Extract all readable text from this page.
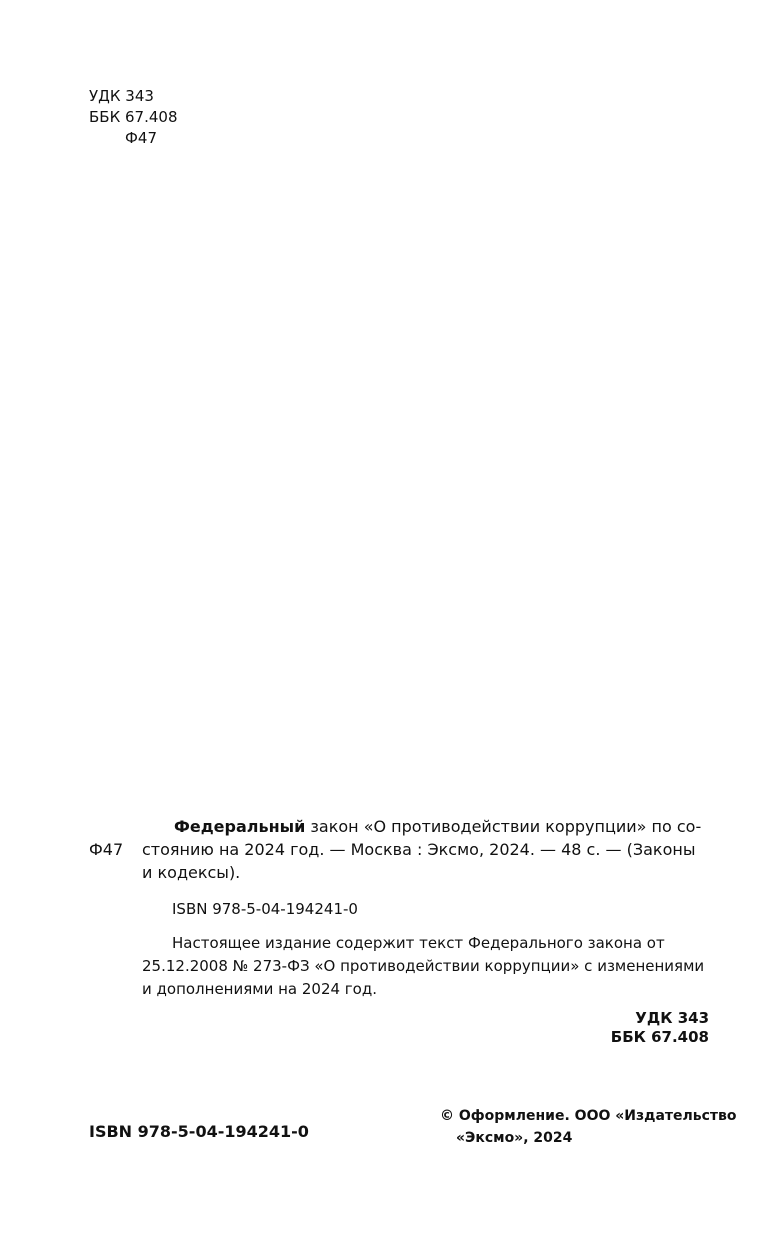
УДК 343
ББК 67.408
Ф47
Ф47
Федеральный закон «О противодействии коррупции» по со-
стоянию на 2024 год. — Москва : Эксмо, 2024. — 48 с. — (Законы
и кодексы).
ISBN 978-5-04-194241-0
Настоящее издание содержит текст Федерального закона от
25.12.2008 № 273-ФЗ «О противодействии коррупции» с изменениями
и дополнениями на 2024 год.
УДК 343
ББК 67.408
ISBN 978-5-04-194241-0
© Оформление. ООО «Издательство
«Эксмо», 2024
